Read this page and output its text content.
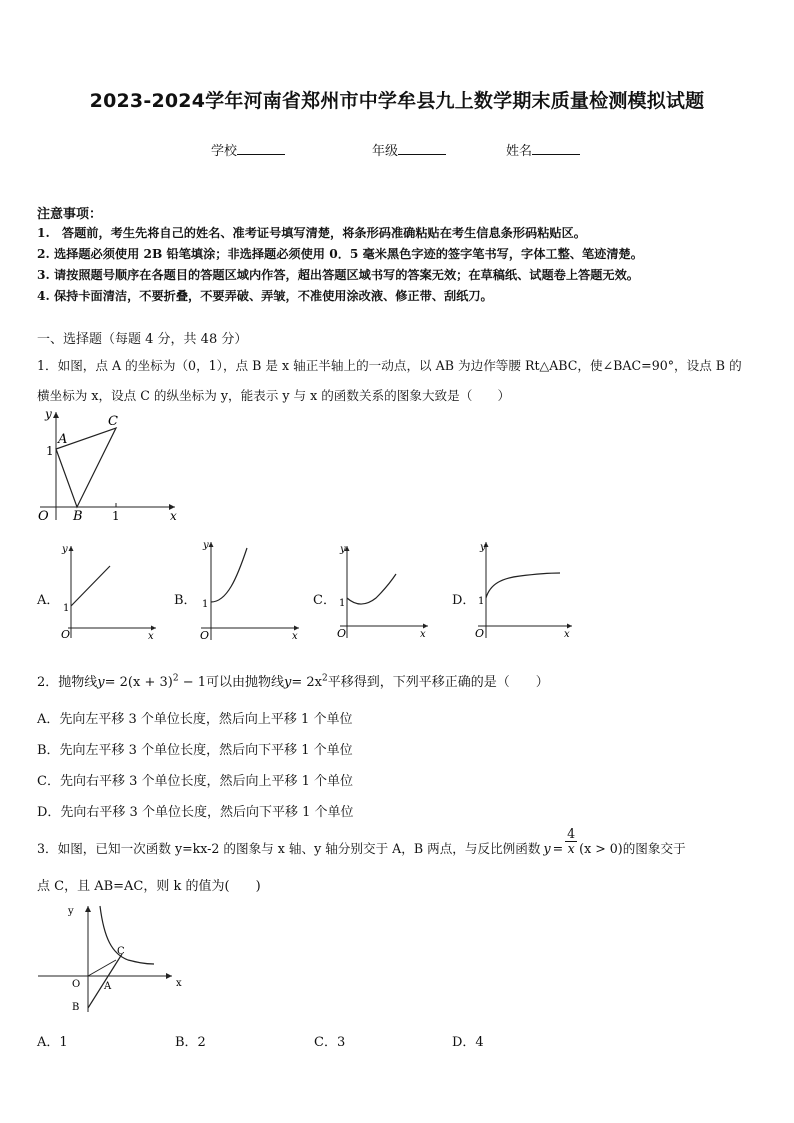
2023-2024学年河南省郑州市中学牟县九上数学期末质量检测模拟试题
学校	年级	姓名
注意事项：
1.　答题前，考生先将自己的姓名、准考证号填写清楚，将条形码准确粘贴在考生信息条形码粘贴区。
2. 选择题必须使用 2B 铅笔填涂；非选择题必须使用 0．5 毫米黑色字迹的签字笔书写，字体工整、笔迹清楚。
3. 请按照题号顺序在各题目的答题区域内作答，超出答题区域书写的答案无效；在草稿纸、试题卷上答题无效。
4. 保持卡面清洁，不要折叠，不要弄破、弄皱，不准使用涂改液、修正带、刮纸刀。
一、选择题（每题 4 分，共 48 分）
1．如图，点 A 的坐标为（0，1），点 B 是 x 轴正半轴上的一动点，以 AB 为边作等腰 Rt△ABC，使∠BAC=90°，设点 B 的
横坐标为 x，设点 C 的纵坐标为 y，能表示 y 与 x 的函数关系的图象大致是（　　）
y
x
O
A
B
C
1
1
A．
y
x
O
1
B．
y
x
O
1	C．
y
x
O
1	D．
y
x
O
1
2．抛物线$y= 2(x + 3)^2 - 1$可以由抛物线$y= 2x^2$平移得到，下列平移正确的是（　　）
A．先向左平移 3 个单位长度，然后向上平移 1 个单位
B．先向左平移 3 个单位长度，然后向下平移 1 个单位
C．先向右平移 3 个单位长度，然后向上平移 1 个单位
D．先向右平移 3 个单位长度，然后向下平移 1 个单位
3．如图，已知一次函数 y=kx-2 的图象与 x 轴、y 轴分别交于 A，B 两点，与反比例函数 $y = \frac{4}{x} (x > 0)$的图象交于
点 C，且 AB=AC，则 k 的值为(　　)
y
x
O A
B
C
A．1	B．2	C．3	D．4
